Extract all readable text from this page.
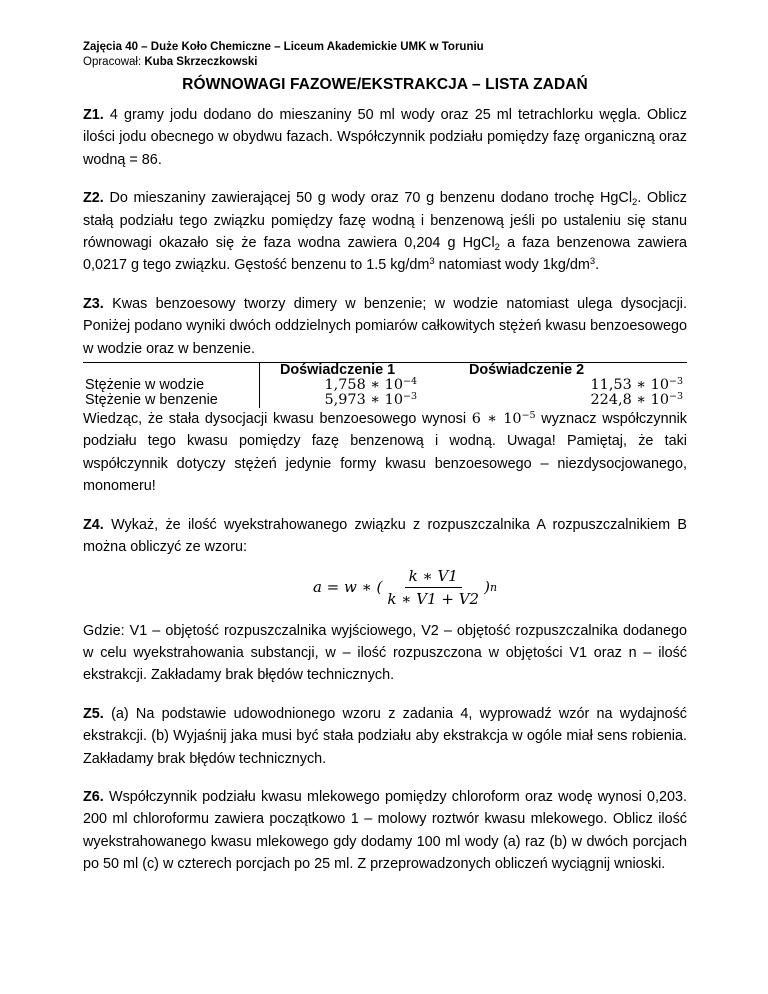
Zajęcia 40 – Duże Koło Chemiczne – Liceum Akademickie UMK w Toruniu
Opracował: Kuba Skrzeczkowski
RÓWNOWAGI FAZOWE/EKSTRAKCJA – LISTA ZADAŃ

Z1. 4 gramy jodu dodano do mieszaniny 50 ml wody oraz 25 ml tetrachlorku węgla. Oblicz ilości jodu obecnego w obydwu fazach. Współczynnik podziału pomiędzy fazę organiczną oraz wodną = 86.

Z2. Do mieszaniny zawierającej 50 g wody oraz 70 g benzenu dodano trochę HgCl$_2$. Oblicz stałą podziału tego związku pomiędzy fazę wodną i benzenową jeśli po ustaleniu się stanu równowagi okazało się że faza wodna zawiera 0,204 g HgCl$_2$ a faza benzenowa zawiera 0,0217 g tego związku. Gęstość benzenu to 1.5 $kg/dm^3$ natomiast wody $1kg/dm^3$.

Z3. Kwas benzoesowy tworzy dimery w benzenie; w wodzie natomiast ulega dysocjacji. Poniżej podano wyniki dwóch oddzielnych pomiarów całkowitych stężeń kwasu benzoesowego w wodzie oraz w benzenie.

	Doświadczenie 1	Doświadczenie 2
Stężenie w wodzie	1,758 ∗ $10^{-4}$	11,53 ∗ $10^{-3}$
Stężenie w benzenie	5,973 ∗ $10^{-3}$	224,8 ∗ $10^{-3}$

Wiedząc, że stała dysocjacji kwasu benzoesowego wynosi 6 ∗ $10^{-5}$ wyznacz współczynnik podziału tego kwasu pomiędzy fazę benzenową i wodną. Uwaga! Pamiętaj, że taki współczynnik dotyczy stężeń jedynie formy kwasu benzoesowego – niezdysocjowanego, monomeru!

Z4. Wykaż, że ilość wyekstrahowanego związku z rozpuszczalnika A rozpuszczalnikiem B można obliczyć ze wzoru:

a = w ∗ ( $\frac{k ∗ V1}{k ∗ V1 + V2}$ ) n

Gdzie: V1 – objętość rozpuszczalnika wyjściowego, V2 – objętość rozpuszczalnika dodanego w celu wyekstrahowania substancji, w – ilość rozpuszczona w objętości V1 oraz n – ilość ekstrakcji. Zakładamy brak błędów technicznych.

Z5. (a) Na podstawie udowodnionego wzoru z zadania 4, wyprowadź wzór na wydajność ekstrakcji. (b) Wyjaśnij jaka musi być stała podziału aby ekstrakcja w ogóle miał sens robienia. Zakładamy brak błędów technicznych.

Z6. Współczynnik podziału kwasu mlekowego pomiędzy chloroform oraz wodę wynosi 0,203. 200 ml chloroformu zawiera początkowo 1 – molowy roztwór kwasu mlekowego. Oblicz ilość wyekstrahowanego kwasu mlekowego gdy dodamy 100 ml wody (a) raz (b) w dwóch porcjach po 50 ml (c) w czterech porcjach po 25 ml. Z przeprowadzonych obliczeń wyciągnij wnioski.
